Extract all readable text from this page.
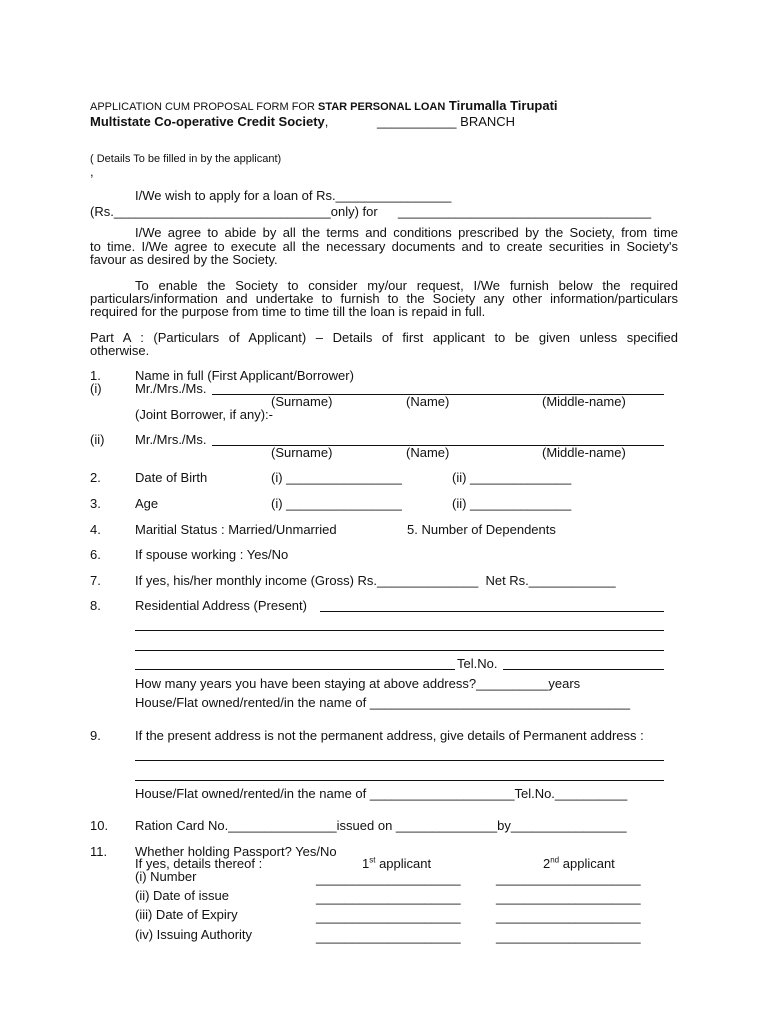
APPLICATION CUM PROPOSAL FORM FOR STAR PERSONAL LOAN Tirumalla Tirupati
Multistate Co-operative Credit Society,	___________ BRANCH
( Details To be filled in by the applicant)
,
I/We wish to apply for a loan of Rs.________________
(Rs.______________________________only) for ___________________________________
I/We agree to abide by all the terms and conditions prescribed by the Society, from time
to time. I/We agree to execute all the necessary documents and to create securities in Society's
favour as desired by the Society.
To enable the Society to consider my/our request, I/We furnish below the required
particulars/information and undertake to furnish to the Society any other information/particulars
required for the purpose from time to time till the loan is repaid in full.
Part A : (Particulars of Applicant) – Details of first applicant to be given unless specified
otherwise.
1.	Name in full (First Applicant/Borrower)
(i)	Mr./Mrs./Ms.
(Surname)	(Name)	(Middle-name)
(Joint Borrower, if any):-
(ii) Mr./Mrs./Ms.
(Surname)	(Name)	(Middle-name)
2.	Date of Birth	(i) ________________	(ii) ______________
3.	Age	(i) ________________	(ii) ______________
4.	Maritial Status : Married/Unmarried	5. Number of Dependents
6.	If spouse working : Yes/No
7.	If yes, his/her monthly income (Gross) Rs.______________  Net Rs.____________
8.	Residential Address (Present)
Tel.No.
How many years you have been staying at above address?__________years
House/Flat owned/rented/in the name of ____________________________________
9.	If the present address is not the permanent address, give details of Permanent address :
House/Flat owned/rented/in the name of ____________________Tel.No.__________
10. Ration Card No._______________issued on ______________by________________
11. Whether holding Passport? Yes/No
If yes, details thereof :	1st applicant	2nd applicant
(i) Number	____________________	____________________
(ii) Date of issue	____________________	____________________
(iii) Date of Expiry	____________________	____________________
(iv) Issuing Authority	____________________	____________________
